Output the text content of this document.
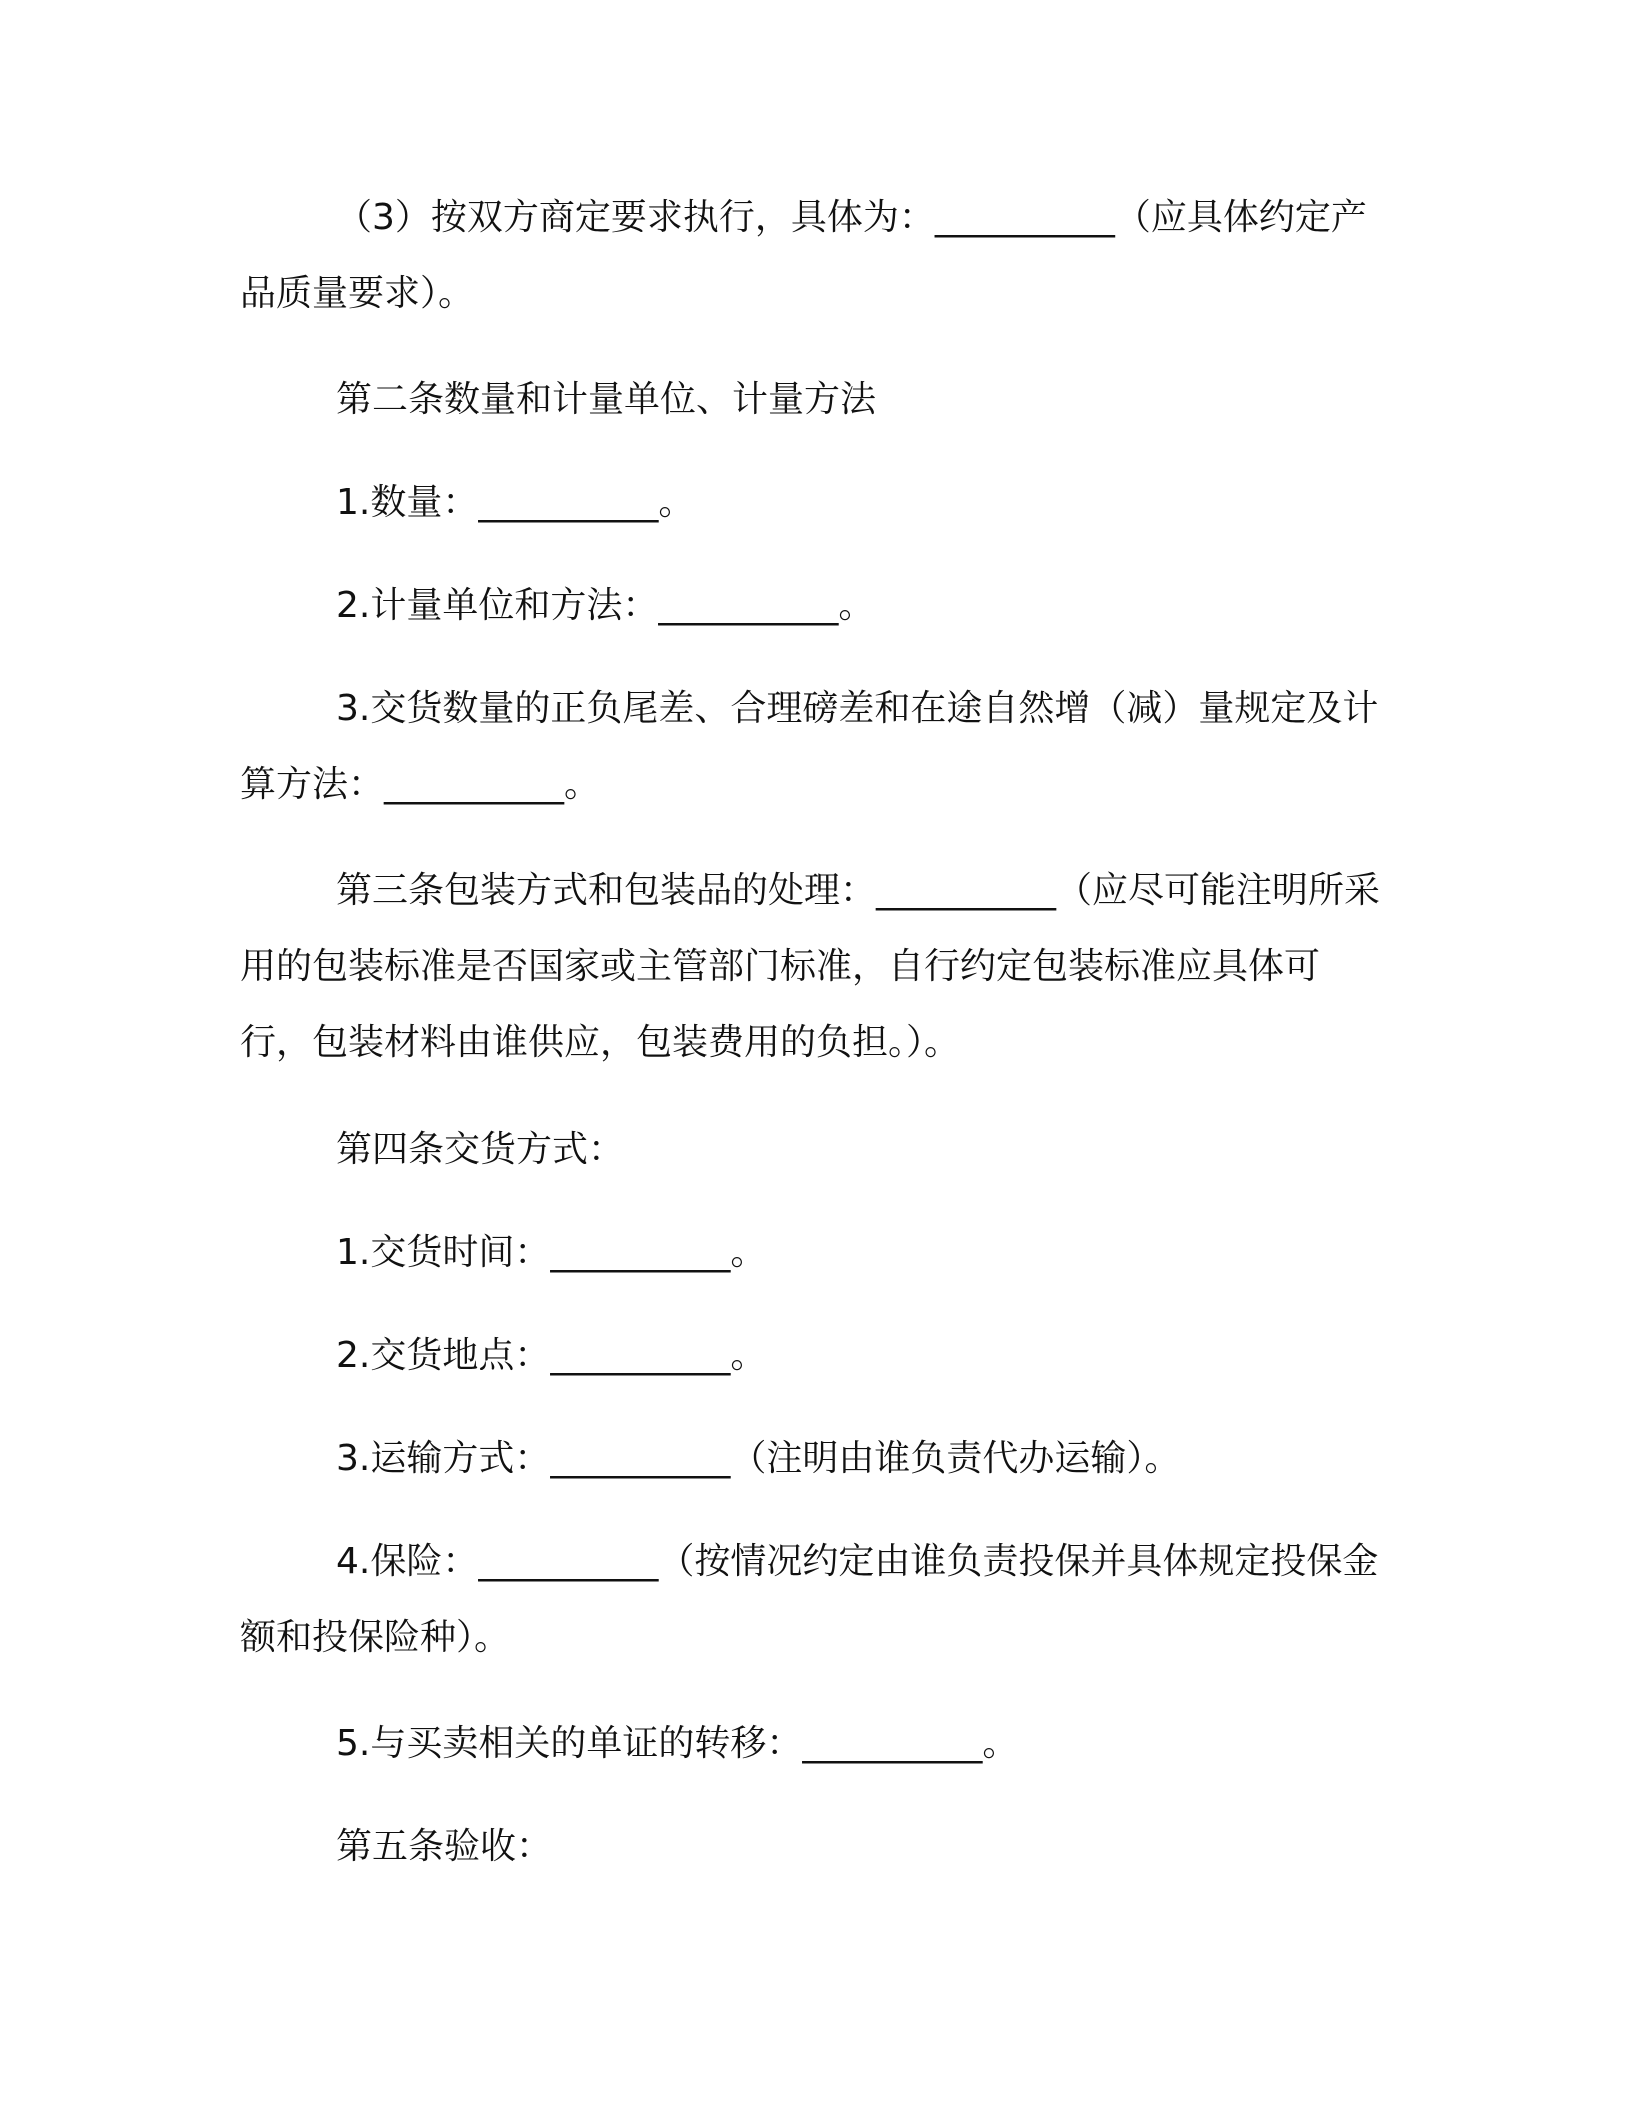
（3）按双方商定要求执行，具体为：__________（应具体约定产品质量要求）。

第二条数量和计量单位、计量方法

1.数量：__________。

2.计量单位和方法：__________。

3.交货数量的正负尾差、合理磅差和在途自然增（减）量规定及计算方法：__________。

第三条包装方式和包装品的处理：__________（应尽可能注明所采用的包装标准是否国家或主管部门标准，自行约定包装标准应具体可行，包装材料由谁供应，包装费用的负担。）。

第四条交货方式：

1.交货时间：__________。

2.交货地点：__________。

3.运输方式：__________（注明由谁负责代办运输）。

4.保险：__________（按情况约定由谁负责投保并具体规定投保金额和投保险种）。

5.与买卖相关的单证的转移：__________。

第五条验收：
